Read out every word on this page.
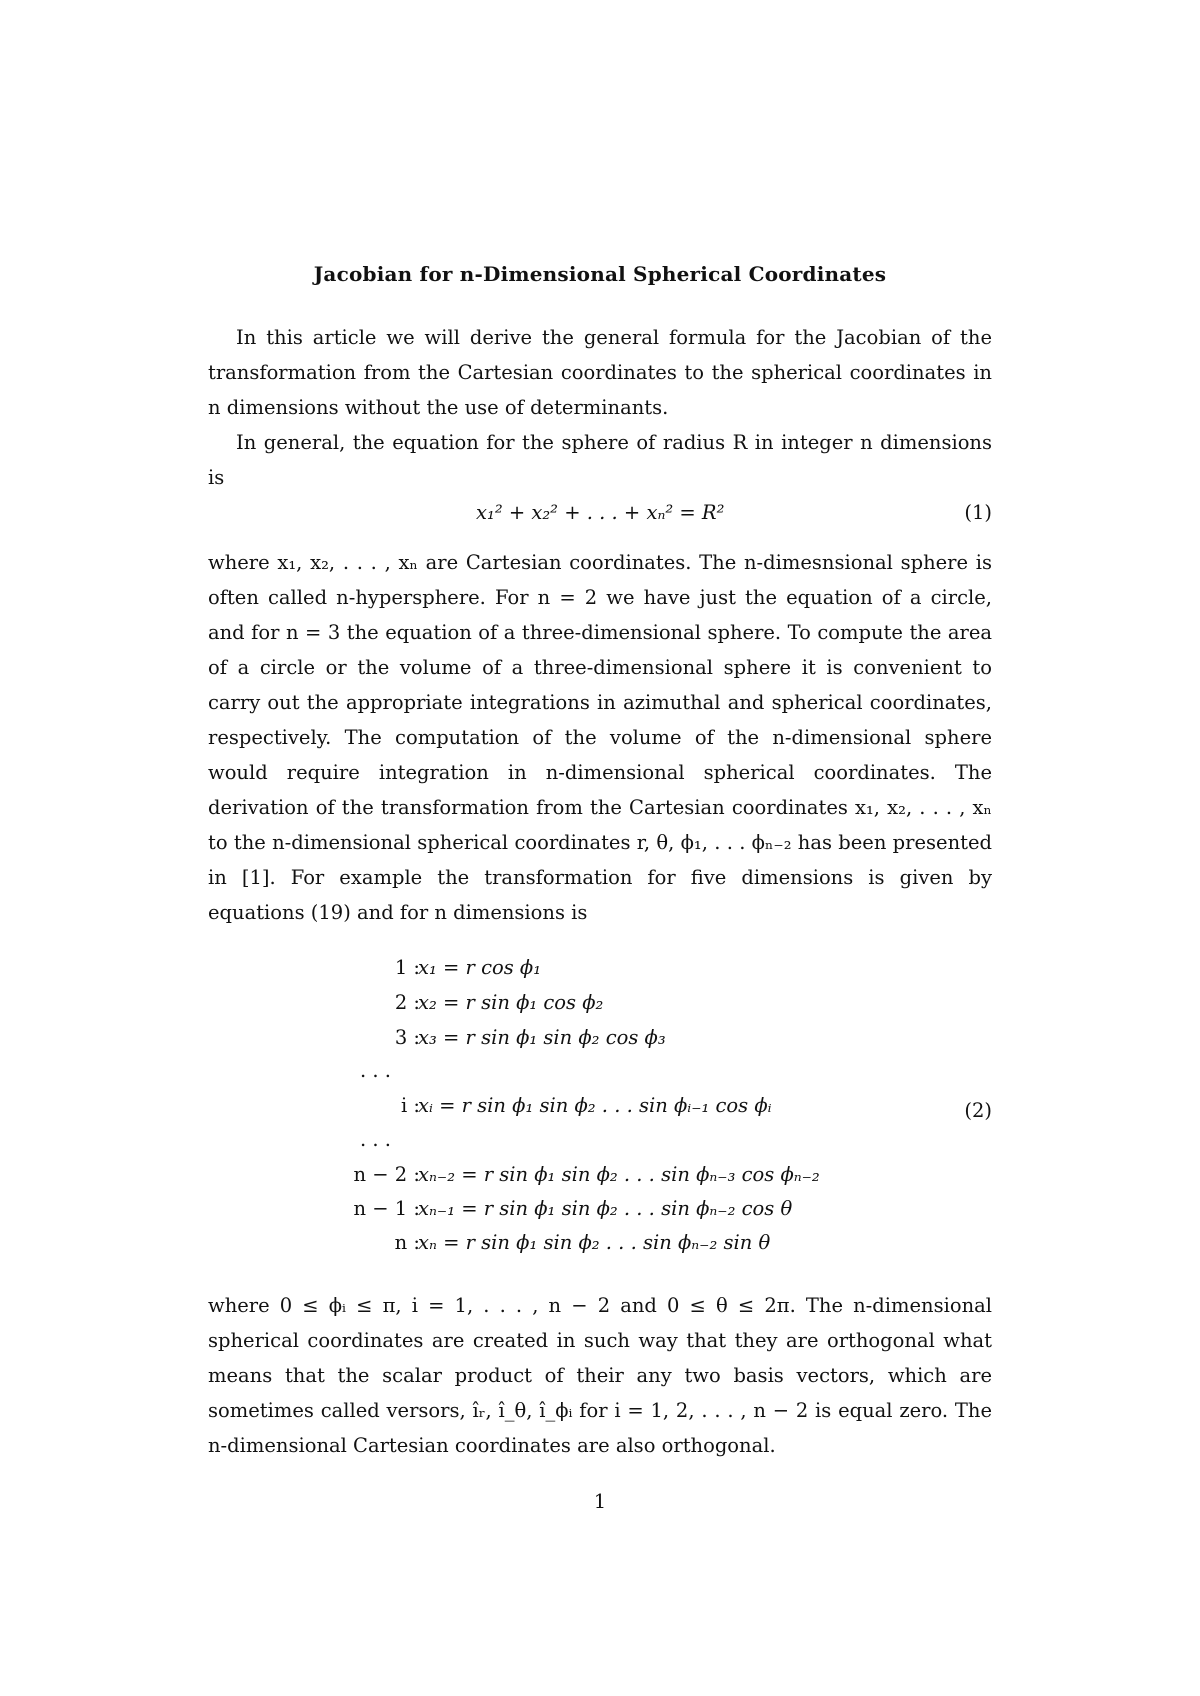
Jacobian for n-Dimensional Spherical Coordinates
In this article we will derive the general formula for the Jacobian of the transformation from the Cartesian coordinates to the spherical coordinates in n dimensions without the use of determinants.
In general, the equation for the sphere of radius R in integer n dimensions is
x₁² + x₂² + . . . + xₙ² = R²	(1)
where x₁, x₂, . . . , xₙ are Cartesian coordinates. The n-dimesnsional sphere is often called n-hypersphere. For n = 2 we have just the equation of a circle, and for n = 3 the equation of a three-dimensional sphere. To compute the area of a circle or the volume of a three-dimensional sphere it is convenient to carry out the appropriate integrations in azimuthal and spherical coordinates, respectively. The computation of the volume of the n-dimensional sphere would require integration in n-dimensional spherical coordinates. The derivation of the transformation from the Cartesian coordinates x₁, x₂, . . . , xₙ to the n-dimensional spherical coordinates r, θ, ϕ₁, . . . ϕₙ₋₂ has been presented in [1]. For example the transformation for five dimensions is given by equations (19) and for n dimensions is
1 :
x₁ = r cos ϕ₁
2 :
x₂ = r sin ϕ₁ cos ϕ₂
3 :
x₃ = r sin ϕ₁ sin ϕ₂ cos ϕ₃
. . .
i :
xᵢ = r sin ϕ₁ sin ϕ₂ . . . sin ϕᵢ₋₁ cos ϕᵢ
. . .
n − 2 :
xₙ₋₂ = r sin ϕ₁ sin ϕ₂ . . . sin ϕₙ₋₃ cos ϕₙ₋₂
n − 1 :
xₙ₋₁ = r sin ϕ₁ sin ϕ₂ . . . sin ϕₙ₋₂ cos θ
n :
xₙ = r sin ϕ₁ sin ϕ₂ . . . sin ϕₙ₋₂ sin θ
(2)
where 0 ≤ ϕᵢ ≤ π, i = 1, . . . , n − 2 and 0 ≤ θ ≤ 2π. The n-dimensional spherical coordinates are created in such way that they are orthogonal what means that the scalar product of their any two basis vectors, which are sometimes called versors, îᵣ, î_θ, î_ϕᵢ for i = 1, 2, . . . , n − 2 is equal zero. The n-dimensional Cartesian coordinates are also orthogonal.
1
